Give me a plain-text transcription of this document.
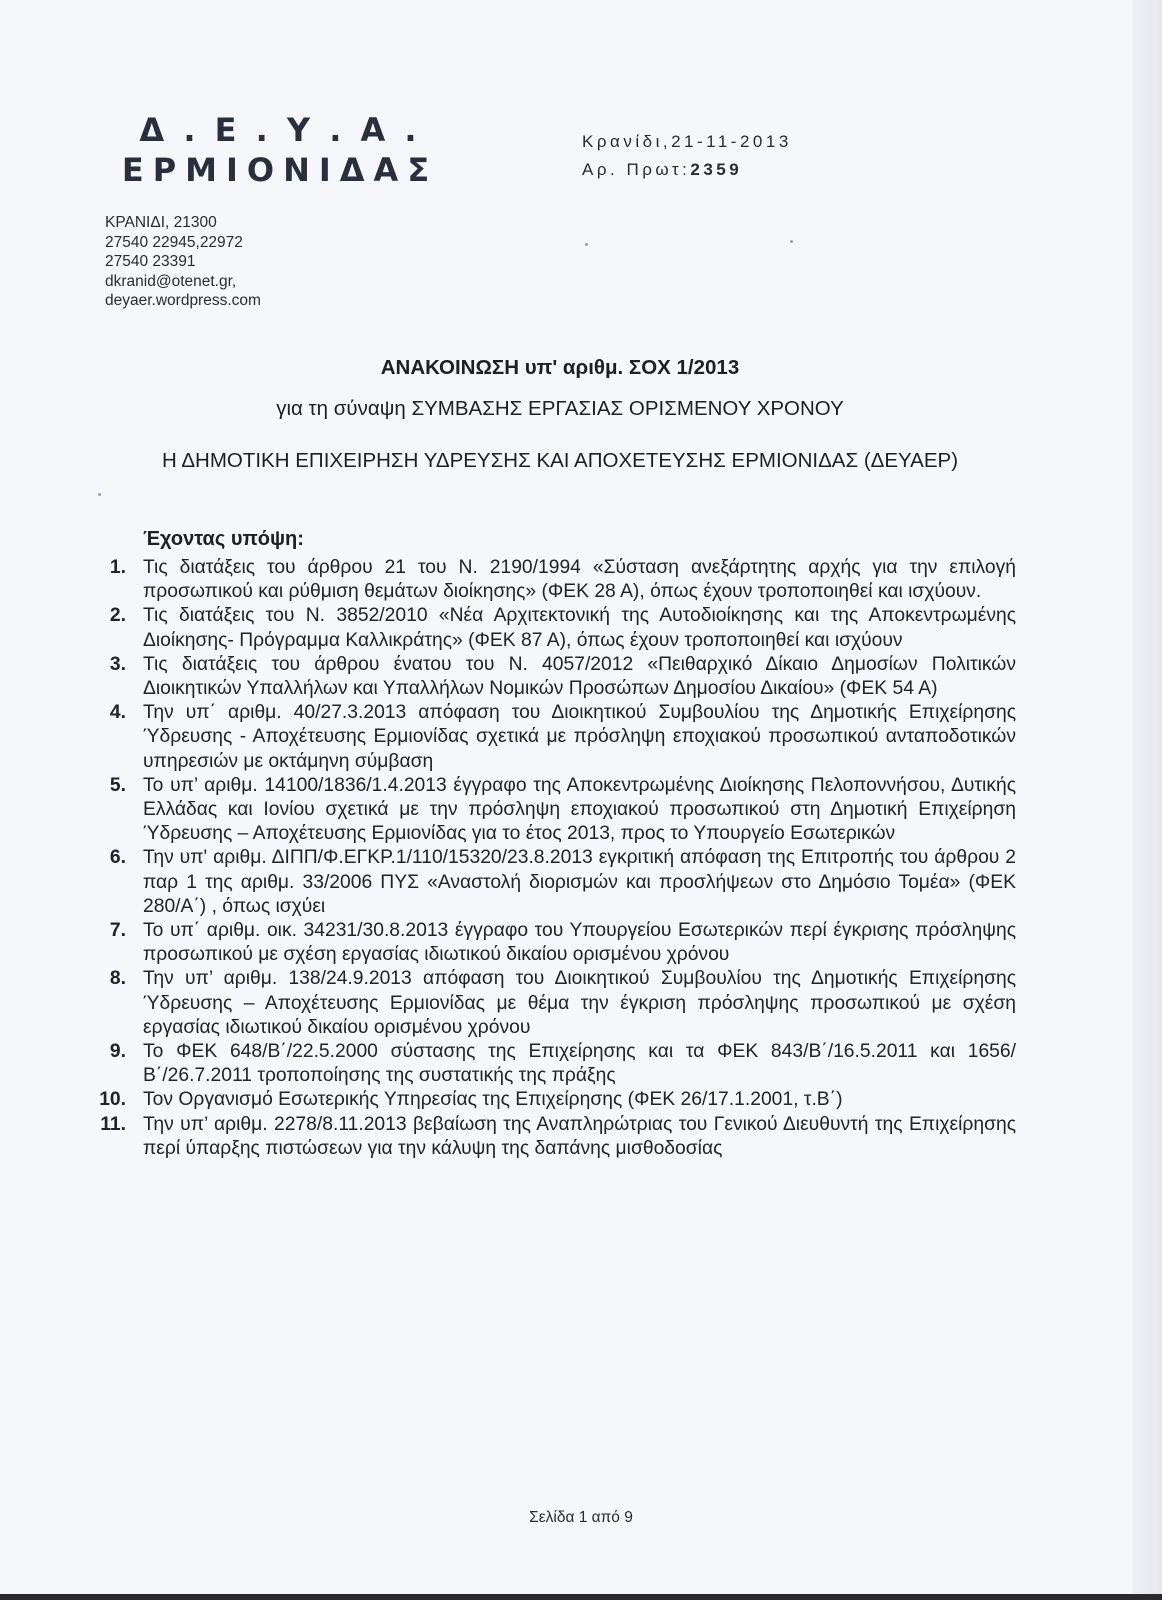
Δ . Ε . Υ . Α .
ΕΡΜΙΟΝΙΔΑΣ
ΚΡΑΝΙΔΙ, 21300
27540 22945,22972
27540 23391
dkranid@otenet.gr,
deyaer.wordpress.com
Κρανίδι,21-11-2013
Αρ. Πρωτ:2359
ΑΝΑΚΟΙΝΩΣΗ υπ' αριθμ. ΣΟΧ 1/2013
για τη σύναψη ΣΥΜΒΑΣΗΣ ΕΡΓΑΣΙΑΣ ΟΡΙΣΜΕΝΟΥ ΧΡΟΝΟΥ
Η ΔΗΜΟΤΙΚΗ ΕΠΙΧΕΙΡΗΣΗ ΥΔΡΕΥΣΗΣ ΚΑΙ ΑΠΟΧΕΤΕΥΣΗΣ ΕΡΜΙΟΝΙΔΑΣ (ΔΕΥΑΕΡ)
Έχοντας υπόψη:
1. Τις διατάξεις του άρθρου 21 του Ν. 2190/1994 «Σύσταση ανεξάρτητης αρχής για την επιλογή προσωπικού και ρύθμιση θεμάτων διοίκησης» (ΦΕΚ 28 Α), όπως έχουν τροποποιηθεί και ισχύουν.
2. Τις διατάξεις του Ν. 3852/2010 «Νέα Αρχιτεκτονική της Αυτοδιοίκησης και της Αποκεντρωμένης Διοίκησης- Πρόγραμμα Καλλικράτης» (ΦΕΚ 87 Α), όπως έχουν τροποποιηθεί και ισχύουν
3. Τις διατάξεις του άρθρου ένατου του Ν. 4057/2012 «Πειθαρχικό Δίκαιο Δημοσίων Πολιτικών Διοικητικών Υπαλλήλων και Υπαλλήλων Νομικών Προσώπων Δημοσίου Δικαίου» (ΦΕΚ 54 Α)
4. Την υπ΄ αριθμ. 40/27.3.2013 απόφαση του Διοικητικού Συμβουλίου της Δημοτικής Επιχείρησης Ύδρευσης - Αποχέτευσης Ερμιονίδας σχετικά με πρόσληψη εποχιακού προσωπικού ανταποδοτικών υπηρεσιών με οκτάμηνη σύμβαση
5. Το υπ’ αριθμ. 14100/1836/1.4.2013 έγγραφο της Αποκεντρωμένης Διοίκησης Πελοποννήσου, Δυτικής Ελλάδας και Ιονίου σχετικά με την πρόσληψη εποχιακού προσωπικού στη Δημοτική Επιχείρηση Ύδρευσης – Αποχέτευσης Ερμιονίδας για το έτος 2013, προς το Υπουργείο Εσωτερικών
6. Την υπ' αριθμ. ΔΙΠΠ/Φ.ΕΓΚΡ.1/110/15320/23.8.2013 εγκριτική απόφαση της Επιτροπής του άρθρου 2 παρ 1 της αριθμ. 33/2006 ΠΥΣ «Αναστολή διορισμών και προσλήψεων στο Δημόσιο Τομέα» (ΦΕΚ 280/Α΄) , όπως ισχύει
7. Το υπ΄ αριθμ. οικ. 34231/30.8.2013 έγγραφο του Υπουργείου Εσωτερικών περί έγκρισης πρόσληψης προσωπικού με σχέση εργασίας ιδιωτικού δικαίου ορισμένου χρόνου
8. Την υπ’ αριθμ. 138/24.9.2013 απόφαση του Διοικητικού Συμβουλίου της Δημοτικής Επιχείρησης Ύδρευσης – Αποχέτευσης Ερμιονίδας με θέμα την έγκριση πρόσληψης προσωπικού με σχέση εργασίας ιδιωτικού δικαίου ορισμένου χρόνου
9. Το ΦΕΚ 648/Β΄/22.5.2000 σύστασης της Επιχείρησης και τα ΦΕΚ 843/Β΄/16.5.2011 και 1656/Β΄/26.7.2011 τροποποίησης της συστατικής της πράξης
10. Τον Οργανισμό Εσωτερικής Υπηρεσίας της Επιχείρησης (ΦΕΚ 26/17.1.2001, τ.Β΄)
11. Την υπ’ αριθμ. 2278/8.11.2013 βεβαίωση της Αναπληρώτριας του Γενικού Διευθυντή της Επιχείρησης περί ύπαρξης πιστώσεων για την κάλυψη της δαπάνης μισθοδοσίας
Σελίδα 1 από 9
